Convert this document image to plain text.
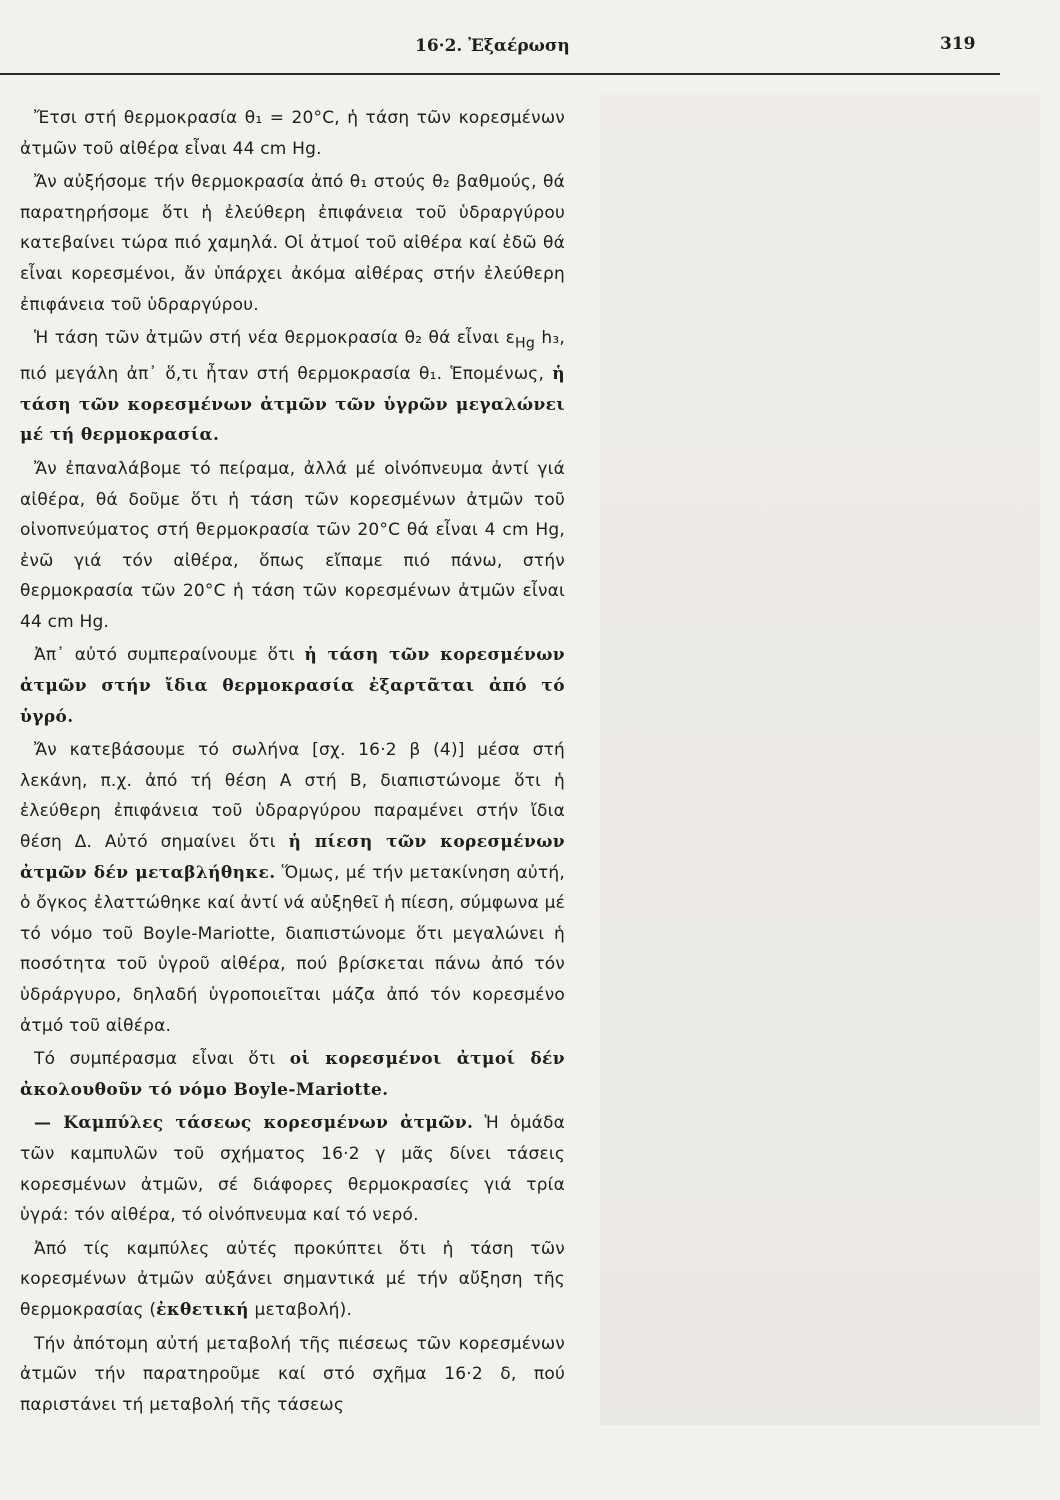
16·2. Ἐξαέρωση	319

Ἔτσι στή θερμοκρασία θ₁ = 20°C, ἡ τάση τῶν κορεσμένων ἀτμῶν τοῦ αἰθέρα εἶναι 44 cm Hg.

Ἄν αὐξήσομε τήν θερμοκρασία ἀπό θ₁ στούς θ₂ βαθμούς, θά παρατηρήσομε ὅτι ἡ ἐλεύθερη ἐπιφάνεια τοῦ ὑδραργύρου κατεβαίνει τώρα πιό χαμηλά. Οἱ ἀτμοί τοῦ αἰθέρα καί ἐδῶ θά εἶναι κορεσμένοι, ἄν ὑπάρχει ἀκόμα αἰθέρας στήν ἐλεύθερη ἐπιφάνεια τοῦ ὑδραργύρου.

Ἡ τάση τῶν ἀτμῶν στή νέα θερμοκρασία θ₂ θά εἶναι $\varepsilon_{Hg}$ h₃, πιό μεγάλη ἀπ᾽ ὅ,τι ἦταν στή θερμοκρασία θ₁. Ἑπομένως, ἡ τάση τῶν κορεσμένων ἀτμῶν τῶν ὑγρῶν μεγαλώνει μέ τή θερμοκρασία.

Ἄν ἐπαναλάβομε τό πείραμα, ἀλλά μέ οἰνόπνευμα ἀντί γιά αἰθέρα, θά δοῦμε ὅτι ἡ τάση τῶν κορεσμένων ἀτμῶν τοῦ οἰνοπνεύματος στή θερμοκρασία τῶν 20°C θά εἶναι 4 cm Hg, ἐνῶ γιά τόν αἰθέρα, ὅπως εἴπαμε πιό πάνω, στήν θερμοκρασία τῶν 20°C ἡ τάση τῶν κορεσμένων ἀτμῶν εἶναι 44 cm Hg.

Ἀπ᾽ αὐτό συμπεραίνουμε ὅτι ἡ τάση τῶν κορεσμένων ἀτμῶν στήν ἴδια θερμοκρασία ἐξαρτᾶται ἀπό τό ὑγρό.

Ἄν κατεβάσουμε τό σωλήνα [σχ. 16·2 β (4)] μέσα στή λεκάνη, π.χ. ἀπό τή θέση Α στή Β, διαπιστώνομε ὅτι ἡ ἐλεύθερη ἐπιφάνεια τοῦ ὑδραργύρου παραμένει στήν ἴδια θέση Δ. Αὐτό σημαίνει ὅτι ἡ πίεση τῶν κορεσμένων ἀτμῶν δέν μεταβλήθηκε. Ὅμως, μέ τήν μετακίνηση αὐτή, ὁ ὄγκος ἐλαττώθηκε καί ἀντί νά αὐξηθεῖ ἡ πίεση, σύμφωνα μέ τό νόμο τοῦ Boyle-Mariotte, διαπιστώνομε ὅτι μεγαλώνει ἡ ποσότητα τοῦ ὑγροῦ αἰθέρα, πού βρίσκεται πάνω ἀπό τόν ὑδράργυρο, δηλαδή ὑγροποιεῖται μάζα ἀπό τόν κορεσμένο ἀτμό τοῦ αἰθέρα.

Τό συμπέρασμα εἶναι ὅτι οἱ κορεσμένοι ἀτμοί δέν ἀκολουθοῦν τό νόμο Boyle-Mariotte.

— Καμπύλες τάσεως κορεσμένων ἀτμῶν. Ἡ ὁμάδα τῶν καμπυλῶν τοῦ σχήματος 16·2 γ μᾶς δίνει τάσεις κορεσμένων ἀτμῶν, σέ διάφορες θερμοκρασίες γιά τρία ὑγρά: τόν αἰθέρα, τό οἰνόπνευμα καί τό νερό.

Ἀπό τίς καμπύλες αὐτές προκύπτει ὅτι ἡ τάση τῶν κορεσμένων ἀτμῶν αὐξάνει σημαντικά μέ τήν αὔξηση τῆς θερμοκρασίας (ἐκθετική μεταβολή).

Τήν ἀπότομη αὐτή μεταβολή τῆς πιέσεως τῶν κορεσμένων ἀτμῶν τήν παρατηροῦμε καί στό σχῆμα 16·2 δ, πού παριστάνει τή μεταβολή τῆς τάσεως
